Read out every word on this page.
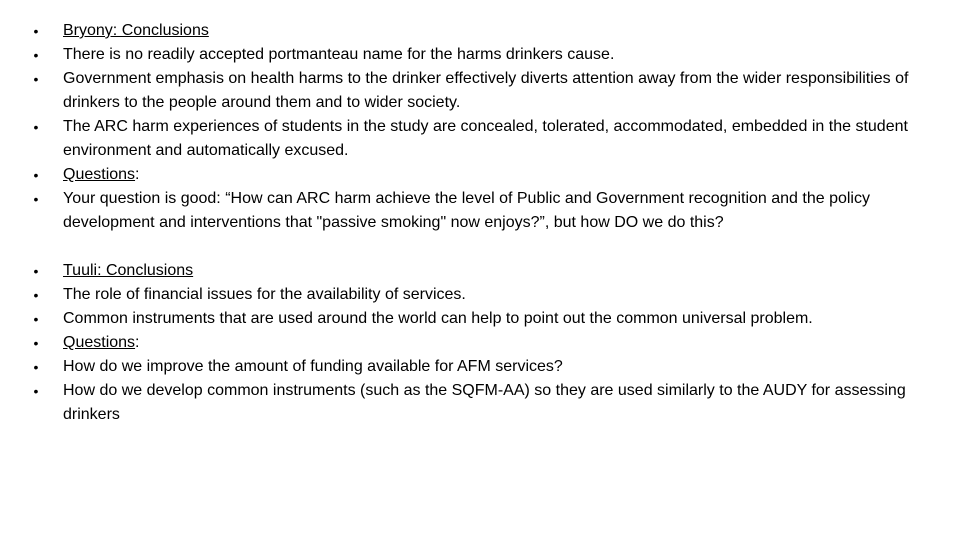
• Bryony: Conclusions
• There is no readily accepted portmanteau name for the harms drinkers cause.
• Government emphasis on health harms to the drinker effectively diverts attention away from the wider responsibilities of drinkers to the people around them and to wider society.
• The ARC harm experiences of students in the study are concealed, tolerated, accommodated, embedded in the student environment and automatically excused.
• Questions:
• Your question is good: “How can ARC harm achieve the level of Public and Government recognition and the policy development and interventions that "passive smoking" now enjoys?”, but how DO we do this?
• Tuuli: Conclusions
• The role of financial issues for the availability of services.
• Common instruments that are used around the world can help to point out the common universal problem.
• Questions:
• How do we improve the amount of funding available for AFM services?
• How do we develop common instruments (such as the SQFM-AA) so they are used similarly to the AUDY for assessing drinkers
